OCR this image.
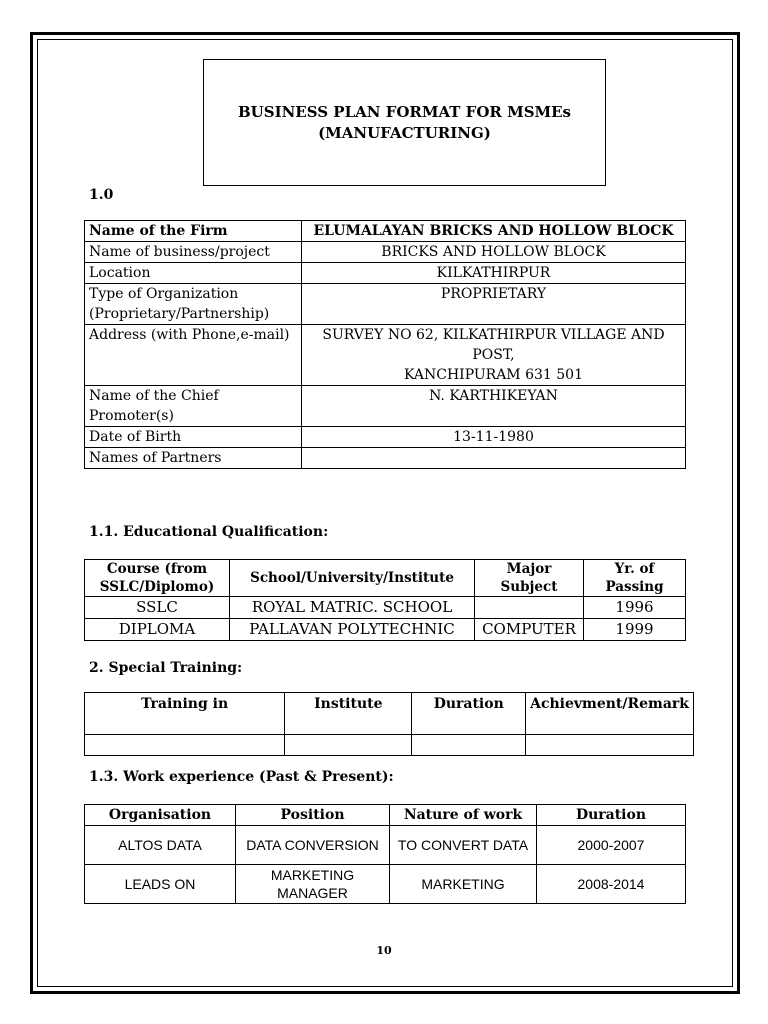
BUSINESS PLAN FORMAT FOR MSMEs
(MANUFACTURING)
1.0
Name of the Firm	ELUMALAYAN BRICKS AND HOLLOW BLOCK
Name of business/project	BRICKS AND HOLLOW BLOCK
Location	KILKATHIRPUR
Type of Organization (Proprietary/Partnership)	PROPRIETARY
Address (with Phone,e-mail)	SURVEY NO 62, KILKATHIRPUR VILLAGE AND POST,
KANCHIPURAM 631 501

Name of the Chief Promoter(s)	N. KARTHIKEYAN
Date of Birth	13-11-1980
Names of Partners	
1.1. Educational Qualification:
Course (from SSLC/Diplomo)	School/University/Institute	Major Subject	Yr. of Passing
SSLC	ROYAL MATRIC. SCHOOL		1996
DIPLOMA	PALLAVAN POLYTECHNIC	COMPUTER	1999
2. Special Training:
Training in	Institute	Duration	Achievment/Remark

1.3. Work experience (Past & Present):
Organisation	Position	Nature of work	Duration
ALTOS DATA	DATA CONVERSION	TO CONVERT DATA	2000-2007
LEADS ON	MARKETING MANAGER	MARKETING	2008-2014
10
